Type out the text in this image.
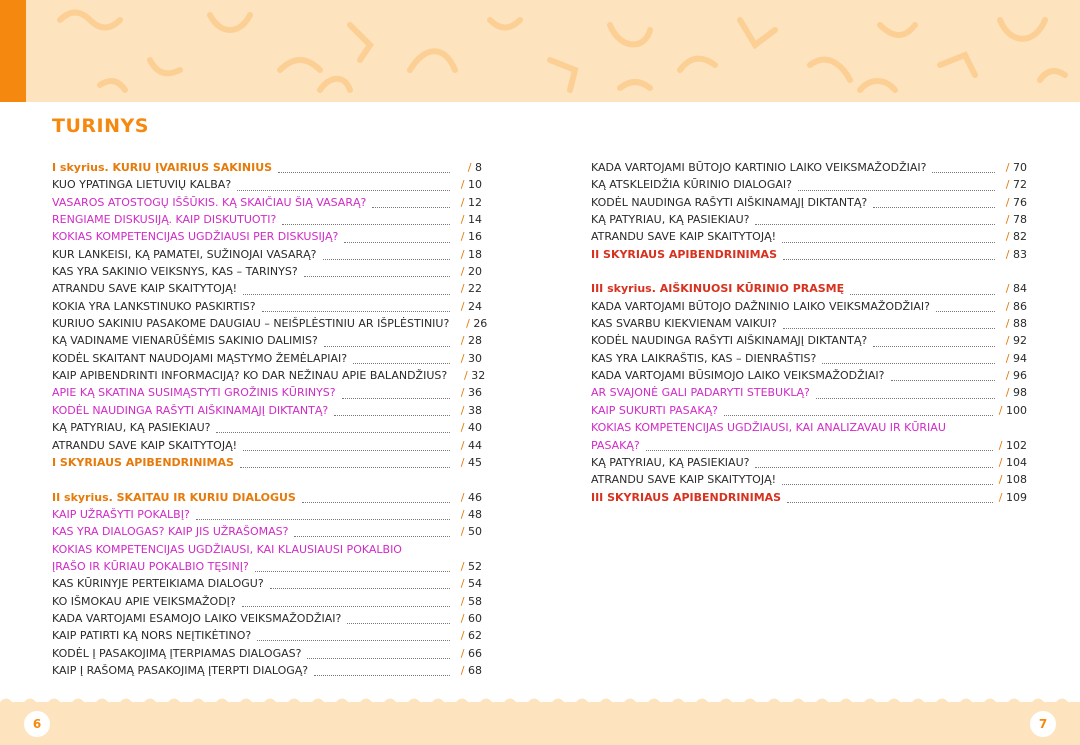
TURINYS
I skyrius. KURIU ĮVAIRIUS SAKINIUS	/ 8
KUO YPATINGA LIETUVIŲ KALBA?	/ 10
VASAROS ATOSTOGŲ IŠŠŪKIS. KĄ SKAIČIAU ŠIĄ VASARĄ?	/ 12
RENGIAME DISKUSIJĄ. KAIP DISKUTUOTI?	/ 14
KOKIAS KOMPETENCIJAS UGDŽIAUSI PER DISKUSIJĄ?	/ 16
KUR LANKEISI, KĄ PAMATEI, SUŽINOJAI VASARĄ?	/ 18
KAS YRA SAKINIO VEIKSNYS, KAS – TARINYS?	/ 20
ATRANDU SAVE KAIP SKAITYTOJĄ!	/ 22
KOKIA YRA LANKSTINUKO PASKIRTIS?	/ 24
KURIUO SAKINIU PASAKOME DAUGIAU – NEIŠPLĖSTINIU AR IŠPLĖSTINIU?	/ 26
KĄ VADINAME VIENARŪŠĖMIS SAKINIO DALIMIS?	/ 28
KODĖL SKAITANT NAUDOJAMI MĄSTYMO ŽEMĖLAPIAI?	/ 30
KAIP APIBENDRINTI INFORMACIJĄ? KO DAR NEŽINAU APIE BALANDŽIUS?	/ 32
APIE KĄ SKATINA SUSIMĄSTYTI GROŽINIS KŪRINYS?	/ 36
KODĖL NAUDINGA RAŠYTI AIŠKINAMĄJĮ DIKTANTĄ?	/ 38
KĄ PATYRIAU, KĄ PASIEKIAU?	/ 40
ATRANDU SAVE KAIP SKAITYTOJĄ!	/ 44
I SKYRIAUS APIBENDRINIMAS	/ 45
II skyrius. SKAITAU IR KURIU DIALOGUS	/ 46
KAIP UŽRAŠYTI POKALBĮ?	/ 48
KAS YRA DIALOGAS? KAIP JIS UŽRAŠOMAS?	/ 50
KOKIAS KOMPETENCIJAS UGDŽIAUSI, KAI KLAUSIAUSI POKALBIO
ĮRAŠO IR KŪRIAU POKALBIO TĘSINĮ?	/ 52
KAS KŪRINYJE PERTEIKIAMA DIALOGU?	/ 54
KO IŠMOKAU APIE VEIKSMAŽODĮ?	/ 58
KADA VARTOJAMI ESAMOJO LAIKO VEIKSMAŽODŽIAI?	/ 60
KAIP PATIRTI KĄ NORS NEĮTIKĖTINO?	/ 62
KODĖL Į PASAKOJIMĄ ĮTERPIAMAS DIALOGAS?	/ 66
KAIP Į RAŠOMĄ PASAKOJIMĄ ĮTERPTI DIALOGĄ?	/ 68
KADA VARTOJAMI BŪTOJO KARTINIO LAIKO VEIKSMAŽODŽIAI?	/ 70
KĄ ATSKLEIDŽIA KŪRINIO DIALOGAI?	/ 72
KODĖL NAUDINGA RAŠYTI AIŠKINAMĄJĮ DIKTANTĄ?	/ 76
KĄ PATYRIAU, KĄ PASIEKIAU?	/ 78
ATRANDU SAVE KAIP SKAITYTOJĄ!	/ 82
II SKYRIAUS APIBENDRINIMAS	/ 83
III skyrius. AIŠKINUOSI KŪRINIO PRASMĘ	/ 84
KADA VARTOJAMI BŪTOJO DAŽNINIO LAIKO VEIKSMAŽODŽIAI?	/ 86
KAS SVARBU KIEKVIENAM VAIKUI?	/ 88
KODĖL NAUDINGA RAŠYTI AIŠKINAMĄJĮ DIKTANTĄ?	/ 92
KAS YRA LAIKRAŠTIS, KAS – DIENRAŠTIS?	/ 94
KADA VARTOJAMI BŪSIMOJO LAIKO VEIKSMAŽODŽIAI?	/ 96
AR SVAJONĖ GALI PADARYTI STEBUKLĄ?	/ 98
KAIP SUKURTI PASAKĄ?	/ 100
KOKIAS KOMPETENCIJAS UGDŽIAUSI, KAI ANALIZAVAU IR KŪRIAU
PASAKĄ?	/ 102
KĄ PATYRIAU, KĄ PASIEKIAU?	/ 104
ATRANDU SAVE KAIP SKAITYTOJĄ!	/ 108
III SKYRIAUS APIBENDRINIMAS	/ 109
6	7
